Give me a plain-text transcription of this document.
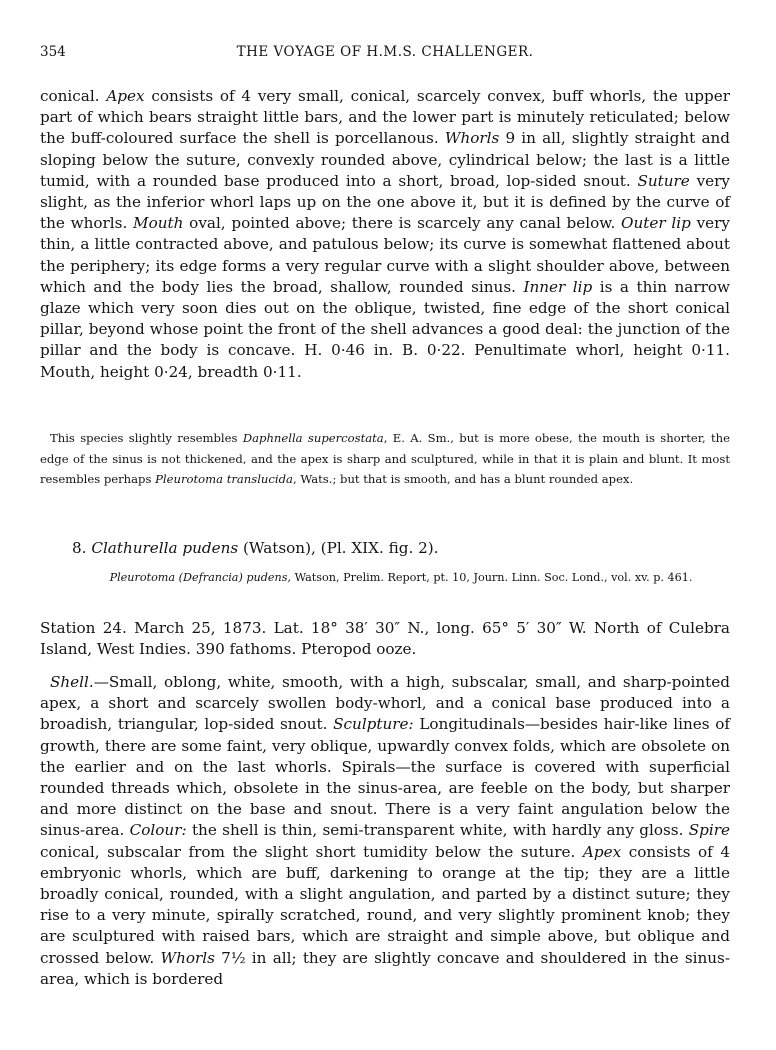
354	THE VOYAGE OF H.M.S. CHALLENGER.
conical. Apex consists of 4 very small, conical, scarcely convex, buff whorls, the upper part of which bears straight little bars, and the lower part is minutely reticulated; below the buff-coloured surface the shell is porcellanous. Whorls 9 in all, slightly straight and sloping below the suture, convexly rounded above, cylindrical below; the last is a little tumid, with a rounded base produced into a short, broad, lop-sided snout. Suture very slight, as the inferior whorl laps up on the one above it, but it is defined by the curve of the whorls. Mouth oval, pointed above; there is scarcely any canal below. Outer lip very thin, a little contracted above, and patulous below; its curve is somewhat flattened about the periphery; its edge forms a very regular curve with a slight shoulder above, between which and the body lies the broad, shallow, rounded sinus. Inner lip is a thin narrow glaze which very soon dies out on the oblique, twisted, fine edge of the short conical pillar, beyond whose point the front of the shell advances a good deal: the junction of the pillar and the body is concave. H. 0·46 in. B. 0·22. Penultimate whorl, height 0·11. Mouth, height 0·24, breadth 0·11.
This species slightly resembles Daphnella supercostata, E. A. Sm., but is more obese, the mouth is shorter, the edge of the sinus is not thickened, and the apex is sharp and sculptured, while in that it is plain and blunt. It most resembles perhaps Pleurotoma translucida, Wats.; but that is smooth, and has a blunt rounded apex.
8. Clathurella pudens (Watson), (Pl. XIX. fig. 2).
Pleurotoma (Defrancia) pudens, Watson, Prelim. Report, pt. 10, Journ. Linn. Soc. Lond., vol. xv. p. 461.
Station 24. March 25, 1873. Lat. 18° 38′ 30″ N., long. 65° 5′ 30″ W. North of Culebra Island, West Indies. 390 fathoms. Pteropod ooze.
Shell.—Small, oblong, white, smooth, with a high, subscalar, small, and sharp-pointed apex, a short and scarcely swollen body-whorl, and a conical base produced into a broadish, triangular, lop-sided snout. Sculpture: Longitudinals—besides hair-like lines of growth, there are some faint, very oblique, upwardly convex folds, which are obsolete on the earlier and on the last whorls. Spirals—the surface is covered with superficial rounded threads which, obsolete in the sinus-area, are feeble on the body, but sharper and more distinct on the base and snout. There is a very faint angulation below the sinus-area. Colour: the shell is thin, semi-transparent white, with hardly any gloss. Spire conical, subscalar from the slight short tumidity below the suture. Apex consists of 4 embryonic whorls, which are buff, darkening to orange at the tip; they are a little broadly conical, rounded, with a slight angulation, and parted by a distinct suture; they rise to a very minute, spirally scratched, round, and very slightly prominent knob; they are sculptured with raised bars, which are straight and simple above, but oblique and crossed below. Whorls 7½ in all; they are slightly concave and shouldered in the sinus-area, which is bordered
